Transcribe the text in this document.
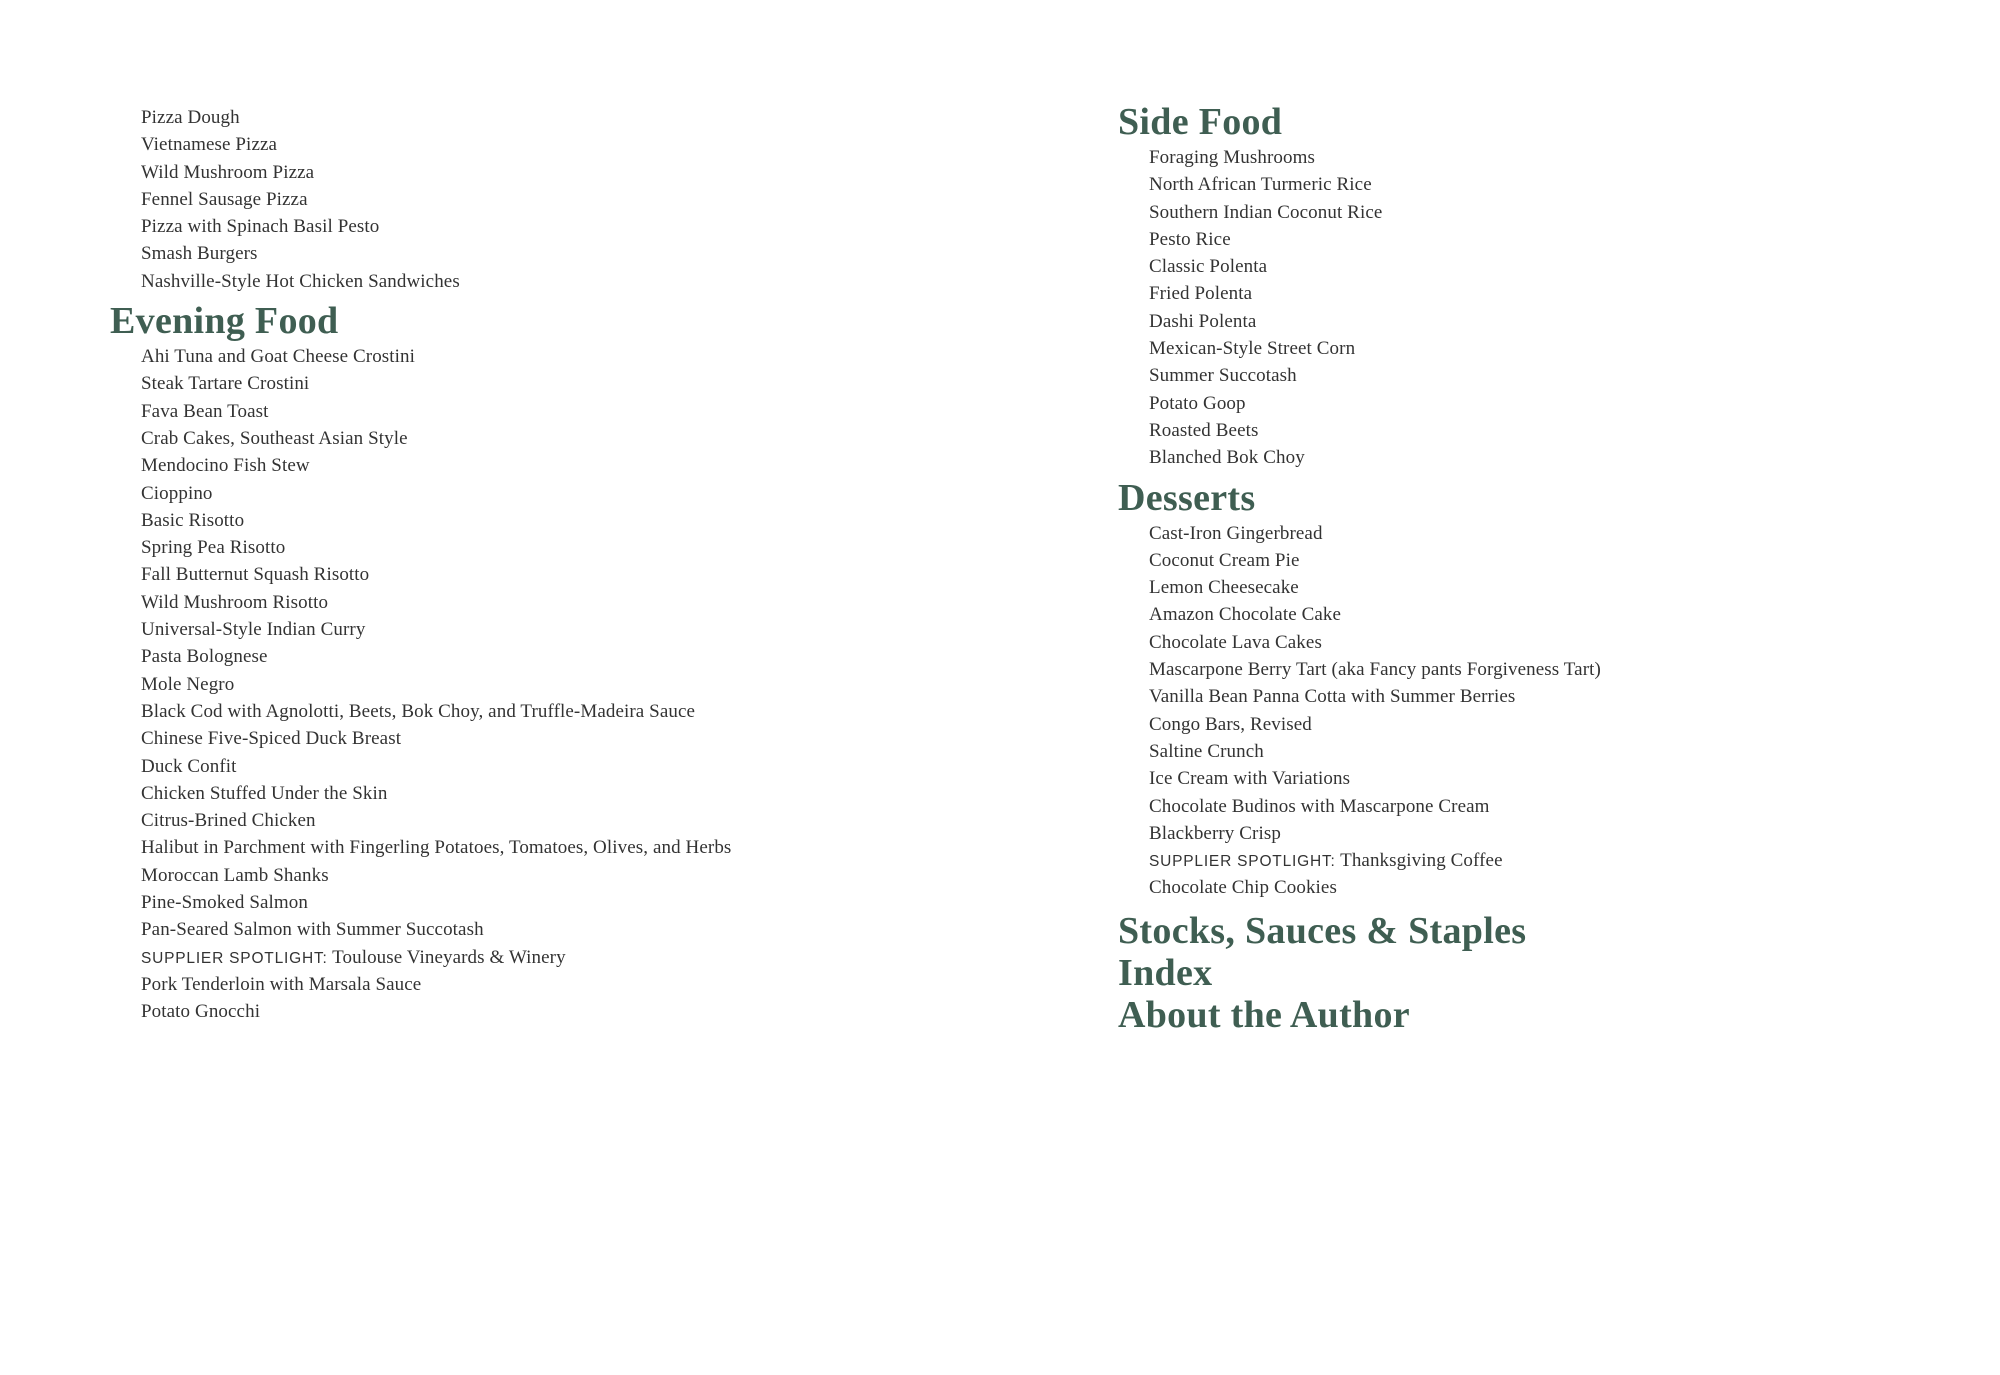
Pizza Dough
Vietnamese Pizza
Wild Mushroom Pizza
Fennel Sausage Pizza
Pizza with Spinach Basil Pesto
Smash Burgers
Nashville-Style Hot Chicken Sandwiches
Evening Food
Ahi Tuna and Goat Cheese Crostini
Steak Tartare Crostini
Fava Bean Toast
Crab Cakes, Southeast Asian Style
Mendocino Fish Stew
Cioppino
Basic Risotto
Spring Pea Risotto
Fall Butternut Squash Risotto
Wild Mushroom Risotto
Universal-Style Indian Curry
Pasta Bolognese
Mole Negro
Black Cod with Agnolotti, Beets, Bok Choy, and Truffle-Madeira Sauce
Chinese Five-Spiced Duck Breast
Duck Confit
Chicken Stuffed Under the Skin
Citrus-Brined Chicken
Halibut in Parchment with Fingerling Potatoes, Tomatoes, Olives, and Herbs
Moroccan Lamb Shanks
Pine-Smoked Salmon
Pan-Seared Salmon with Summer Succotash
SUPPLIER SPOTLIGHT: Toulouse Vineyards & Winery
Pork Tenderloin with Marsala Sauce
Potato Gnocchi
Side Food
Foraging Mushrooms
North African Turmeric Rice
Southern Indian Coconut Rice
Pesto Rice
Classic Polenta
Fried Polenta
Dashi Polenta
Mexican-Style Street Corn
Summer Succotash
Potato Goop
Roasted Beets
Blanched Bok Choy
Desserts
Cast-Iron Gingerbread
Coconut Cream Pie
Lemon Cheesecake
Amazon Chocolate Cake
Chocolate Lava Cakes
Mascarpone Berry Tart (aka Fancy pants Forgiveness Tart)
Vanilla Bean Panna Cotta with Summer Berries
Congo Bars, Revised
Saltine Crunch
Ice Cream with Variations
Chocolate Budinos with Mascarpone Cream
Blackberry Crisp
SUPPLIER SPOTLIGHT: Thanksgiving Coffee
Chocolate Chip Cookies
Stocks, Sauces & Staples
Index
About the Author
